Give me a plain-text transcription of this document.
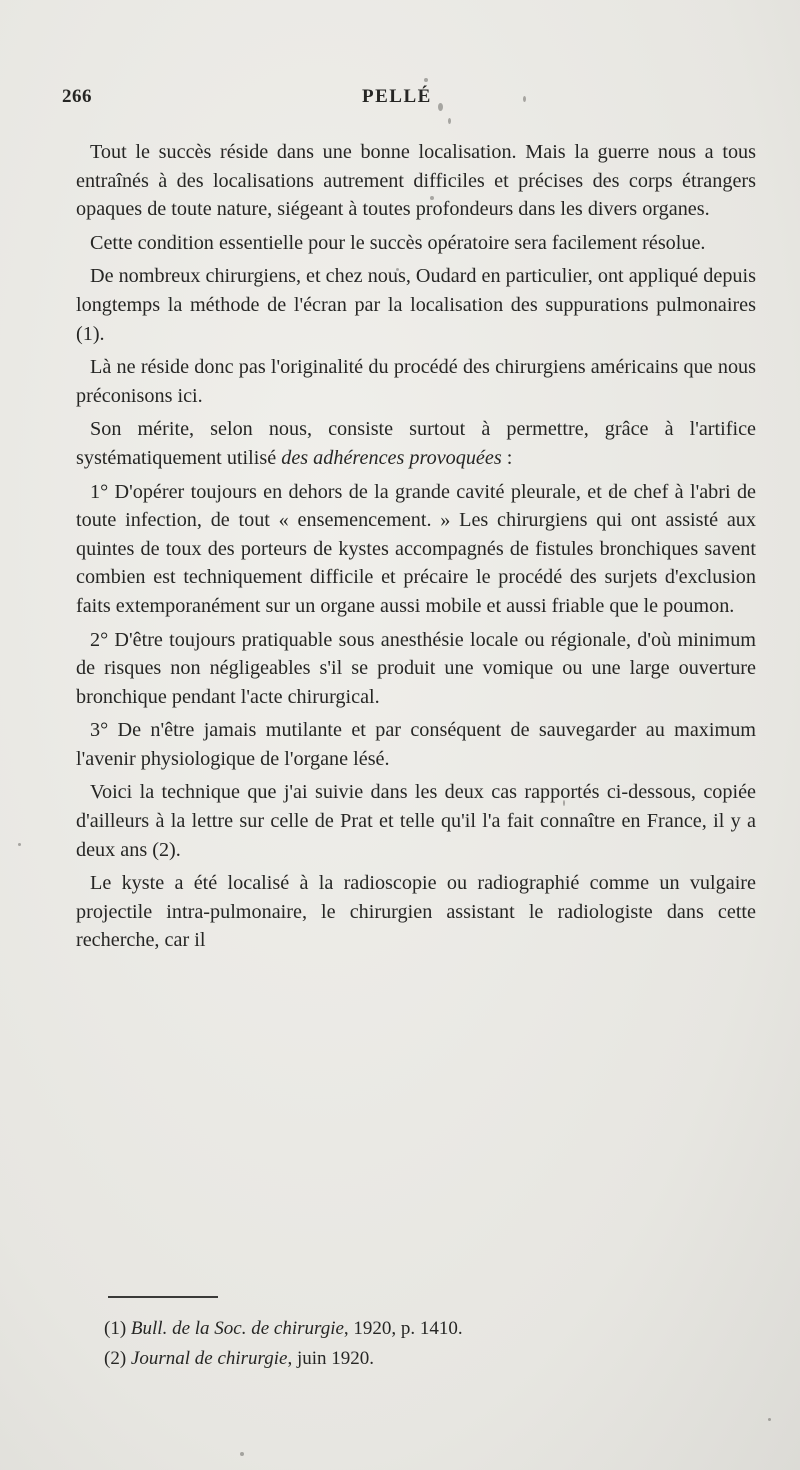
266	PELLÉ

Tout le succès réside dans une bonne localisation. Mais la guerre nous a tous entraînés à des localisations autrement difficiles et précises des corps étrangers opaques de toute nature, siégeant à toutes profondeurs dans les divers organes.

Cette condition essentielle pour le succès opératoire sera facilement résolue.

De nombreux chirurgiens, et chez nous, Oudard en particulier, ont appliqué depuis longtemps la méthode de l'écran par la localisation des suppurations pulmonaires (1).

Là ne réside donc pas l'originalité du procédé des chirurgiens américains que nous préconisons ici.

Son mérite, selon nous, consiste surtout à permettre, grâce à l'artifice systématiquement utilisé des adhérences provoquées :

1° D'opérer toujours en dehors de la grande cavité pleurale, et de chef à l'abri de toute infection, de tout « ensemencement. » Les chirurgiens qui ont assisté aux quintes de toux des porteurs de kystes accompagnés de fistules bronchiques savent combien est techniquement difficile et précaire le procédé des surjets d'exclusion faits extemporanément sur un organe aussi mobile et aussi friable que le poumon.

2° D'être toujours pratiquable sous anesthésie locale ou régionale, d'où minimum de risques non négligeables s'il se produit une vomique ou une large ouverture bronchique pendant l'acte chirurgical.

3° De n'être jamais mutilante et par conséquent de sauvegarder au maximum l'avenir physiologique de l'organe lésé.

Voici la technique que j'ai suivie dans les deux cas rapportés ci-dessous, copiée d'ailleurs à la lettre sur celle de Prat et telle qu'il l'a fait connaître en France, il y a deux ans (2).

Le kyste a été localisé à la radioscopie ou radiographié comme un vulgaire projectile intra-pulmonaire, le chirurgien assistant le radiologiste dans cette recherche, car il

(1) Bull. de la Soc. de chirurgie, 1920, p. 1410.

(2) Journal de chirurgie, juin 1920.
